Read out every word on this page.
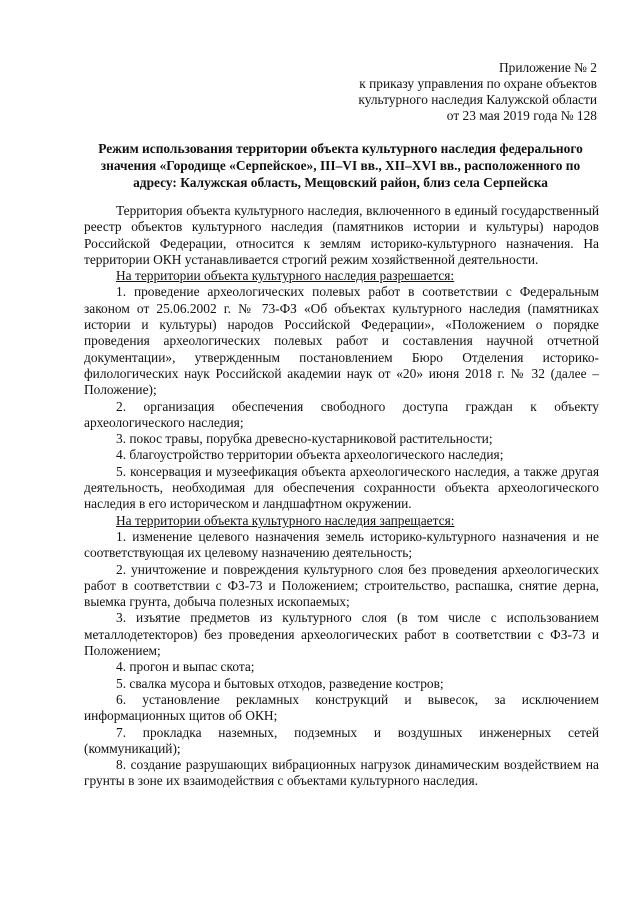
Приложение № 2
к приказу управления по охране объектов
культурного наследия Калужской области
от 23 мая 2019 года № 128
Режим использования территории объекта культурного наследия федерального значения «Городище «Серпейское», III–VI вв., XII–XVI вв., расположенного по адресу: Калужская область, Мещовский район, близ села Серпейска

Территория объекта культурного наследия, включенного в единый государственный реестр объектов культурного наследия (памятников истории и культуры) народов Российской Федерации, относится к землям историко-культурного назначения. На территории ОКН устанавливается строгий режим хозяйственной деятельности.

На территории объекта культурного наследия разрешается:

1. проведение археологических полевых работ в соответствии с Федеральным законом от 25.06.2002 г. № 73-ФЗ «Об объектах культурного наследия (памятниках истории и культуры) народов Российской Федерации», «Положением о порядке проведения археологических полевых работ и составления научной отчетной документации», утвержденным постановлением Бюро Отделения историко-филологических наук Российской академии наук от «20» июня 2018 г. № 32 (далее – Положение);

2. организация обеспечения свободного доступа граждан к объекту археологического наследия;

3. покос травы, порубка древесно-кустарниковой растительности;

4. благоустройство территории объекта археологического наследия;

5. консервация и музеефикация объекта археологического наследия, а также другая деятельность, необходимая для обеспечения сохранности объекта археологического наследия в его историческом и ландшафтном окружении.

На территории объекта культурного наследия запрещается:

1. изменение целевого назначения земель историко-культурного назначения и не соответствующая их целевому назначению деятельность;

2. уничтожение и повреждения культурного слоя без проведения археологических работ в соответствии с ФЗ-73 и Положением; строительство, распашка, снятие дерна, выемка грунта, добыча полезных ископаемых;

3. изъятие предметов из культурного слоя (в том числе с использованием металлодетекторов) без проведения археологических работ в соответствии с ФЗ-73 и Положением;

4. прогон и выпас скота;

5. свалка мусора и бытовых отходов, разведение костров;

6. установление рекламных конструкций и вывесок, за исключением информационных щитов об ОКН;

7. прокладка наземных, подземных и воздушных инженерных сетей (коммуникаций);

8. создание разрушающих вибрационных нагрузок динамическим воздействием на грунты в зоне их взаимодействия с объектами культурного наследия.
